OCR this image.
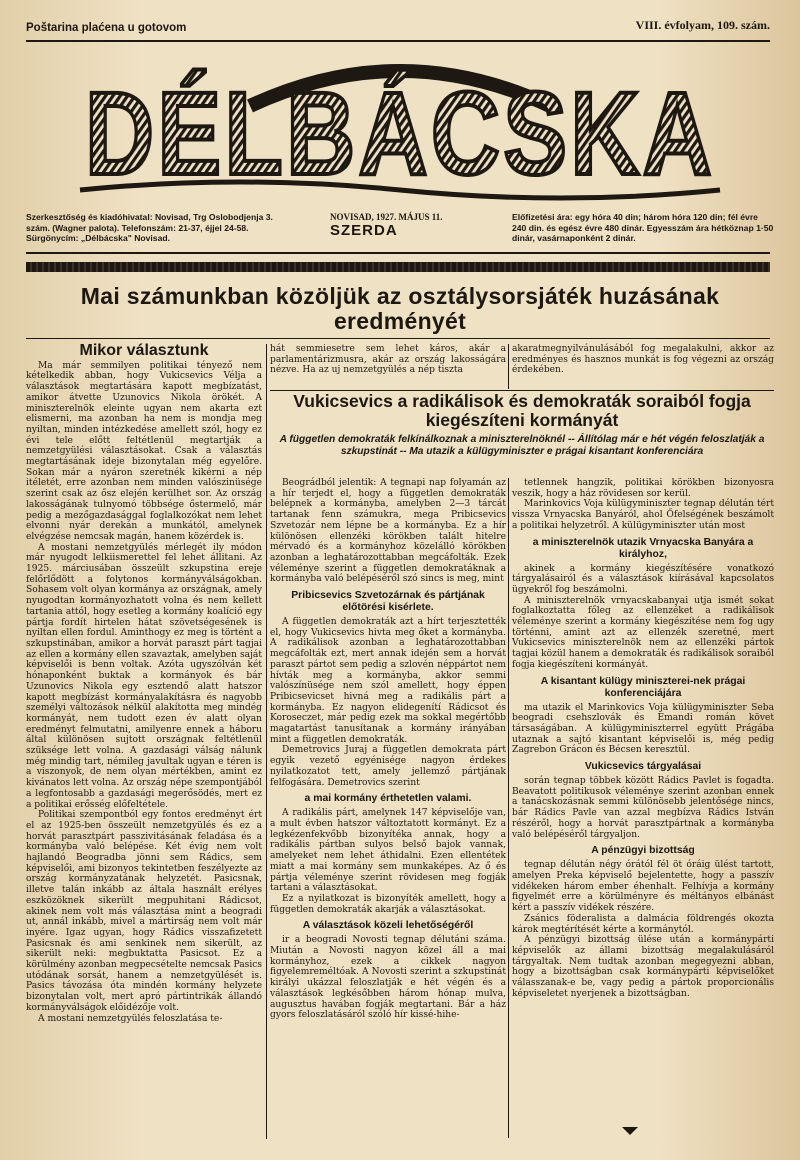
Poštarina plaćena u gotovom	VIII. évfolyam, 109. szám.
DÉLBÁCSKA
Szerkesztőség és kiadóhivatal: Novisad, Trg Oslobodjenja 3. szám. (Wagner palota). Telefonszám: 21-37, éjjel 24-58. Sürgönycím: „Délbácska" Novisad.
NOVISAD, 1927. MÁJUS 11.
SZERDA
Előfizetési ára: egy hóra 40 din; három hóra 120 din; fél évre 240 din. és egész évre 480 dinár. Egyesszám ára hétköznap 1·50 dinár, vasárnaponként 2 dinár.
Mai számunkban közöljük az osztálysorsjáték huzásának eredményét

Mikor választunk

Ma már semmilyen politikai tényező nem kételkedik abban, hogy Vukicsevics Vélja a választások megtartására kapott megbízatást, amikor átvette Uzunovics Nikola örökét. A miniszterelnök eleinte ugyan nem akarta ezt elismerni, ma azonban ha nem is mondja meg nyiltan, minden intézkedése amellett szól, hogy ez évi tele előtt feltétlenül megtartják a nemzetgyülési választásokat. Csak a választás megtartásának ideje bizonytalan még egyelőre. Sokan már a nyáron szeretnék kikérni a nép itéletét, erre azonban nem minden valószinüsége szerint csak az ősz elején kerülhet sor. Az ország lakosságának tulnyomó többsége őstermelő, már pedig a mezőgazdasággal foglalkozókat nem lehet elvonni nyár derekán a munkától, amelynek elvégzése nemcsak magán, hanem közérdek is.

A mostani nemzetgyülés mérlegét ily módon már nyugodt lelkiismerettel fel lehet állitani. Az 1925. márciusában összeült szkupstina ereje felőrlődött a folytonos kormányválságokban. Sohasem volt olyan kormánya az országnak, amely nyugodtan kormányozhatott volna és nem kellett tartania attól, hogy esetleg a kormány koalíció egy pártja fordít hirtelen hátat szövetségesének is nyiltan ellen fordul. Aminthogy ez meg is történt a szkupstinában, amikor a horvát paraszt párt tagjai az ellen a kormány ellen szavaztak, amelyben saját képviselői is benn voltak. Azóta ugyszólván két hónaponként buktak a kormányok és bár Uzunovics Nikola egy esztendő alatt hatszor kapott megbízást kormányalakításra és nagyobb személyi változások nélkül alakította meg mindég kormányát, nem tudott ezen év alatt olyan eredményt felmutatni, amilyenre ennek a háboru által különösen sujtott országnak feltétlenül szüksége lett volna. A gazdasági válság nálunk még mindig tart, némileg javultak ugyan e téren is a viszonyok, de nem olyan mértékben, amint ez kivánatos lett volna. Az ország népe szempontjából a legfontosabb a gazdasági megerősödés, mert ez a politikai erősség előfeltétele.

Politikai szempontból egy fontos eredményt ért el az 1925-ben összeült nemzetgyülés és ez a horvát parasztpárt passzivitásának feladása és a kormányba való belépése. Két évig nem volt hajlandó Beogradba jönni sem Rádics, sem képviselői, ami bizonyos tekintetben feszélyezte az ország kormányzatának helyzetét. Pasicsnak, illetve talán inkább az általa használt erélyes eszközöknek sikerült megpuhitani Rádicsot, akinek nem volt más választása mint a beogradi ut, annál inkább, mivel a mártirság nem volt már inyére. Igaz ugyan, hogy Rádics visszafizetett Pasicsnak és ami senkinek nem sikerült, az sikerült neki: megbuktatta Pasicsot. Ez a körülmény azonban megpecsételte nemcsak Pasics utódának sorsát, hanem a nemzetgyülését is. Pasics távozása óta mindén kormány helyzete bizonytalan volt, mert apró pártintrikák állandó kormányválságok előidézője volt.

A mostani nemzetgyülés feloszlatása te-

hát semmiesetre sem lehet káros, akár a parlamentárizmusra, akár az ország lakosságára nézve. Ha az uj nemzetgyülés a nép tiszta

akaratmegnyilvánulásából fog megalakulni, akkor az eredményes és hasznos munkát is fog végezni az ország érdekében.

Vukicsevics a radikálisok és demokraták soraiból fogja kiegészíteni kormányát
A független demokraták felkínálkoznak a miniszterelnöknél -- Állítólag már e hét végén feloszlatják a szkupstinát -- Ma utazik a külügyminiszter e prágai kisantant konferenciára

Beográdból jelentik: A tegnapi nap folyamán az a hír terjedt el, hogy a független demokraták belépnek a kormányba, amelyben 2—3 tárcát tartanak fenn számukra, mega Pribicsevics Szvetozár nem lépne be a kormányba. Ez a hír különösen ellenzéki körökben talált hitelre mérvadó és a kormányhoz közelálló körökben azonban a leghatározottabban megcáfolták. Ezek véleménye szerint a független demokratáknak a kormányba való belépéséről szó sincs is meg, mint

Pribicsevics Szvetozárnak és pártjának előtörési kisérlete.

A független demokraták azt a hírt terjesztették el, hogy Vukicsevics hivta meg őket a kormányba. A radikálisok azonban a leghatározottabban megcáfolták ezt, mert annak idején sem a horvát paraszt pártot sem pedig a szlovén néppártot nem hívták meg a kormányba, akkor semmi valószínüsége nem szól amellett, hogy éppen Pribicsevicset hivná meg a radikális párt a kormányba. Ez nagyon elidegenítí Rádicsot és Koroseczet, már pedig ezek ma sokkal megértőbb magatartást tanusítanak a kormány irányában mint a független demokraták.

Demetrovics Juraj a független demokrata párt egyik vezető egyénisége nagyon érdekes nyilatkozatot tett, amely jellemző pártjának felfogására. Demetrovics szerint

a mai kormány érthetetlen valami.

A radikális párt, amelynek 147 képviselője van, a mult évben hatszor változtatott kormányt. Ez a legkézenfekvőbb bizonyítéka annak, hogy a radikális pártban sulyos belső bajok vannak, amelyeket nem lehet áthidalni. Ezen ellentétek miatt a mai kormány sem munkaképes. Az ő és pártja véleménye szerint rövidesen meg fogják tartani a választásokat.

Ez a nyilatkozat is bizonyíték amellett, hogy a független demokraták akarják a választásokat.

A választások közeli lehetőségéről

ir a beogradi Novosti tegnap délutáni száma. Miután a Novosti nagyon közel áll a mai kormányhoz, ezek a cikkek nagyon figyelemreméltóak. A Novosti szerint a szkupstinát királyi ukázzal feloszlatják e hét végén és a választások legkésőbben három hónap mulva, augusztus havában fogják megtartani. Bár a ház gyors feloszlatásáról szóló hír kissé-hihe-

tetlennek hangzik, politikai körökben bizonyosra veszik, hogy a ház rövidesen sor kerül.

Marinkovics Voja külügyminiszter tegnap délután tért vissza Vrnyacska Banyáról, ahol Őfelségének beszámolt a politikai helyzetről. A külügyminiszter után most

a miniszterelnök utazik Vrnyacska Banyára a királyhoz,

akinek a kormány kiegészítésére vonatkozó tárgyalásairól és a választások kiírásával kapcsolatos ügyekről fog beszámolni.

A miniszterelnök vrnyacskabanyai utja ismét sokat foglalkoztatta főleg az ellenzéket a radikálisok véleménye szerint a kormány kiegészítése nem fog ugy történni, amint azt az ellenzék szeretné, mert Vukicsevics miniszterelnök nem az ellenzéki pártok tagjai közül hanem a demokraták és radikálisok soraiból fogja kiegészíteni kormányát.

A kisantant külügy miniszterei-nek prágai konferenciájára

ma utazik el Marinkovics Voja külügyminiszter Seba beogradi csehszlovák és Emandi román követ társaságában. A külügyminiszterrel együtt Prágába utaznak a sajtó kisantant képviselői is, még pedig Zagrebon Grácon és Bécsen keresztül.

Vukicsevics tárgyalásai

során tegnap többek között Rádics Pavlet is fogadta. Beavatott politikusok véleménye szerint azonban ennek a tanácskozásnak semmi különösebb jelentősége nincs, bár Rádics Pavle van azzal megbízva Rádics István részéről, hogy a horvát parasztpártnak a kormányba való belépéséről tárgyaljon.

A pénzügyi bizottság

tegnap délután négy órától fél öt óráig ülést tartott, amelyen Preka képviselő bejelentette, hogy a passzív vidékeken három ember éhenhalt. Felhívja a kormány figyelmét erre a körülményre és méltányos elbánást kért a passzív vidékek részére.

Zsánics föderalista a dalmácia földrengés okozta károk megtérítését kérte a kormánytól.

A pénzügyi bizottság ülése után a kormánypárti képviselők az állami bizottság megalakulásáról tárgyaltak. Nem tudtak azonban megegyezni abban, hogy a bizottságban csak kormánypárti képviselőket válasszanak-e be, vagy pedig a pártok proporcionális képviseletet nyerjenek a bizottságban.
